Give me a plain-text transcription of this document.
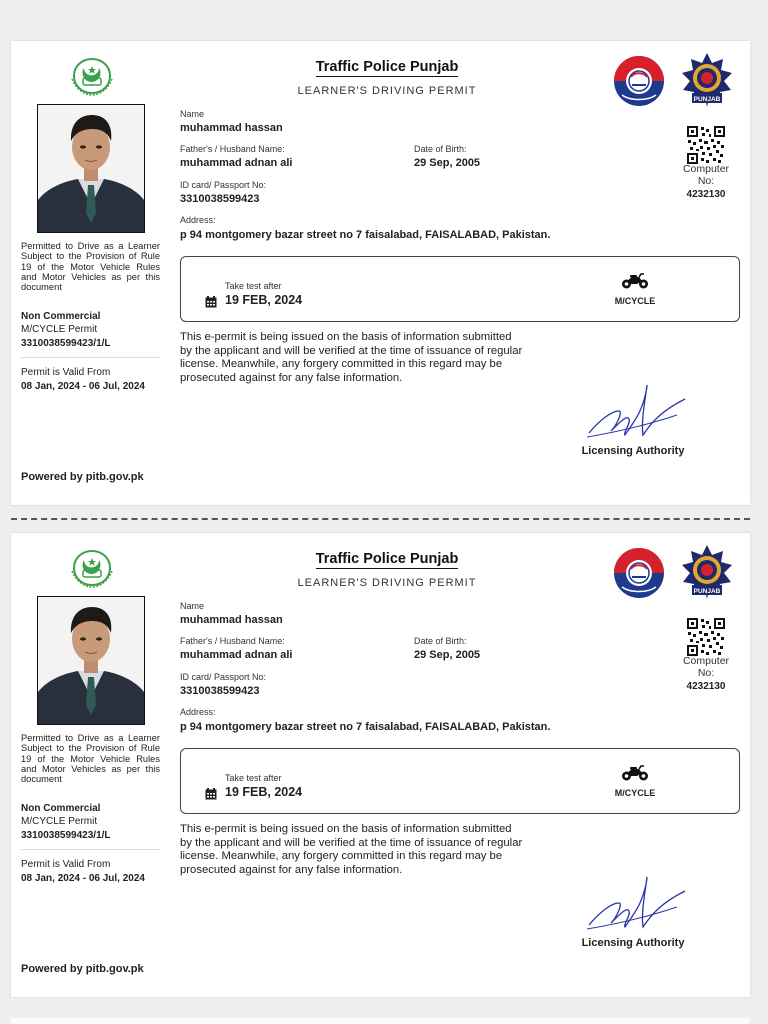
Permitted to Drive as a Learner Subject to the Provision of Rule 19 of the Motor Vehicle Rules and Motor Vehicles as per this document
Non Commercial
M/CYCLE Permit
3310038599423/1/L
Permit is Valid From
08 Jan, 2024 - 06 Jul, 2024
Powered by pitb.gov.pk
Traffic Police Punjab
LEARNER'S DRIVING PERMIT
PUNJAB
Computer No:
4232130
Name
muhammad hassan
Father's / Husband Name:
muhammad adnan ali
Date of Birth:
29 Sep, 2005
ID card/ Passport No:
3310038599423
Address:
p 94 montgomery bazar street no 7 faisalabad, FAISALABAD, Pakistan.
Take test after
19 FEB, 2024	M/CYCLE
This e-permit is being issued on the basis of information submitted by the applicant and will be verified at the time of issuance of regular license. Meanwhile, any forgery committed in this regard may be prosecuted against for any false information.
Licensing Authority
Permitted to Drive as a Learner Subject to the Provision of Rule 19 of the Motor Vehicle Rules and Motor Vehicles as per this document
Non Commercial
M/CYCLE Permit
3310038599423/1/L
Permit is Valid From
08 Jan, 2024 - 06 Jul, 2024
Powered by pitb.gov.pk
Traffic Police Punjab
LEARNER'S DRIVING PERMIT
PUNJAB
Computer No:
4232130
Name
muhammad hassan
Father's / Husband Name:
muhammad adnan ali
Date of Birth:
29 Sep, 2005
ID card/ Passport No:
3310038599423
Address:
p 94 montgomery bazar street no 7 faisalabad, FAISALABAD, Pakistan.
Take test after
19 FEB, 2024	M/CYCLE
This e-permit is being issued on the basis of information submitted by the applicant and will be verified at the time of issuance of regular license. Meanwhile, any forgery committed in this regard may be prosecuted against for any false information.
Licensing Authority
